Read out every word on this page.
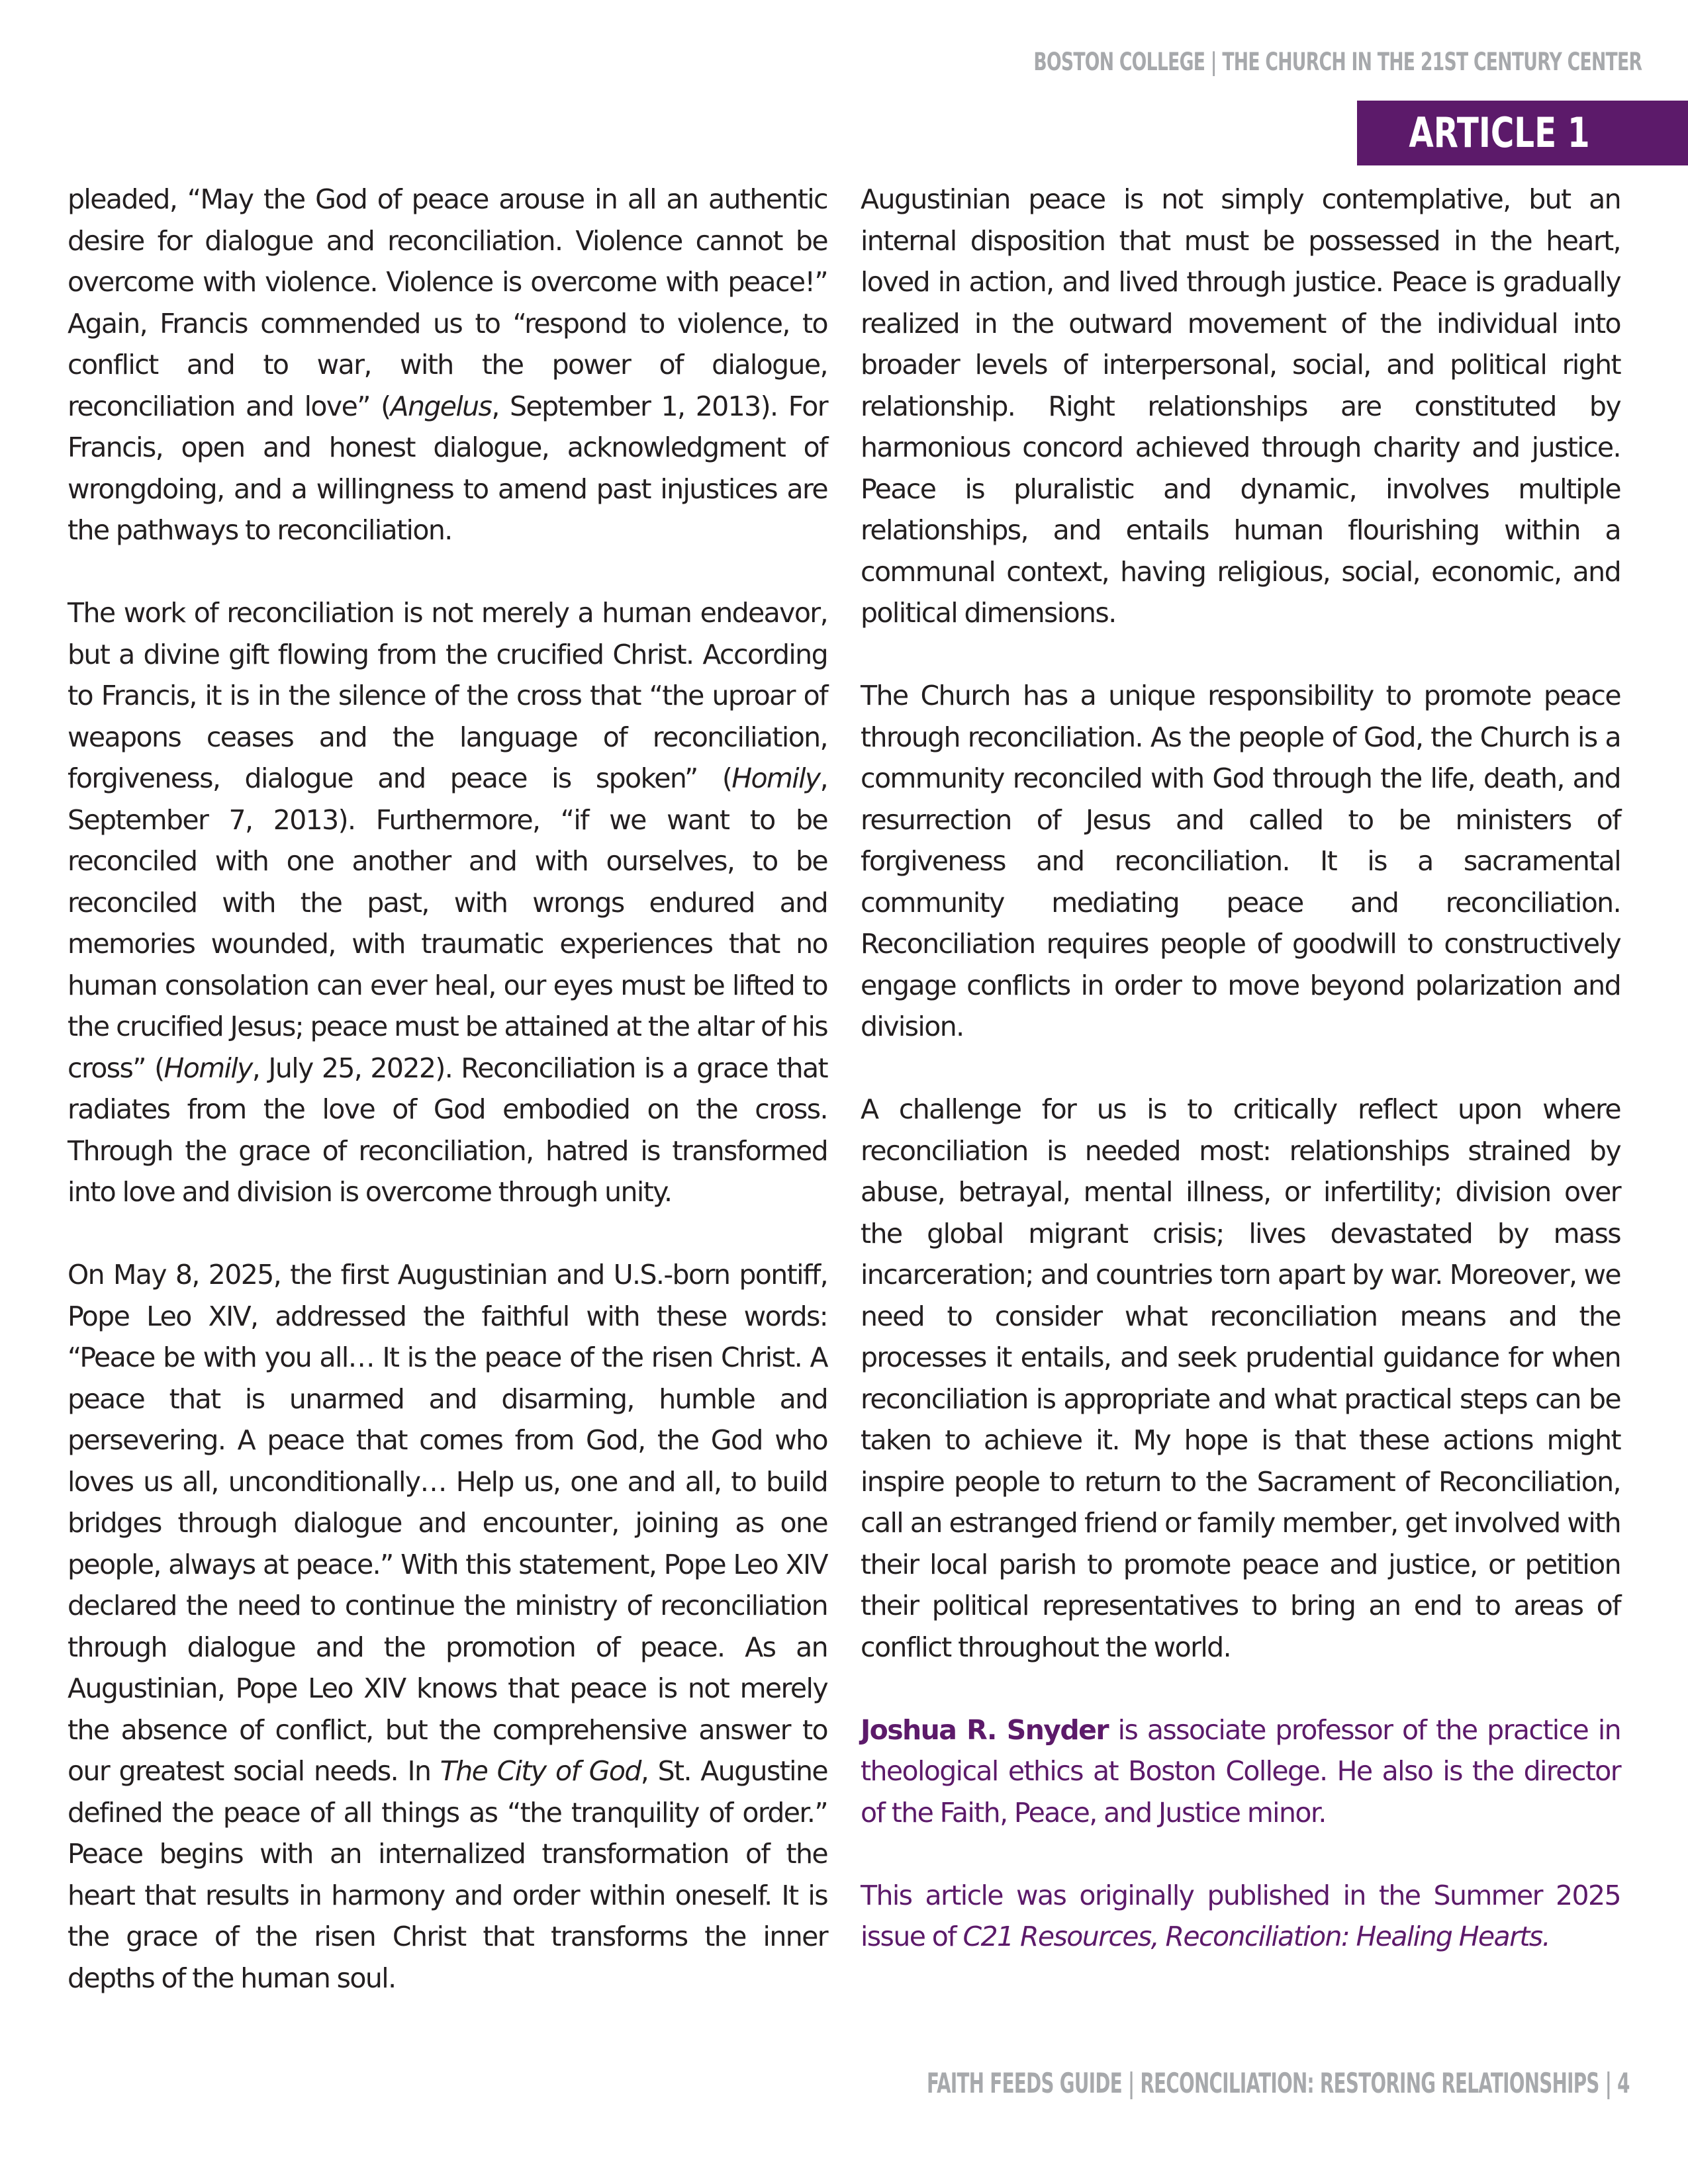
BOSTON COLLEGE | THE CHURCH IN THE 21ST CENTURY CENTER
ARTICLE 1

pleaded, “May the God of peace arouse in all an authentic desire for dialogue and reconciliation. Violence cannot be overcome with violence. Violence is overcome with peace!” Again, Francis commended us to “respond to violence, to conflict and to war, with the power of dialogue, reconciliation and love” (Angelus, September 1, 2013). For Francis, open and honest dialogue, acknowledgment of wrongdoing, and a willingness to amend past injustices are the pathways to reconciliation.

The work of reconciliation is not merely a human endeavor, but a divine gift flowing from the crucified Christ. According to Francis, it is in the silence of the cross that “the uproar of weapons ceases and the language of reconciliation, forgiveness, dialogue and peace is spoken” (Homily, September 7, 2013). Furthermore, “if we want to be reconciled with one another and with ourselves, to be reconciled with the past, with wrongs endured and memories wounded, with traumatic experiences that no human consolation can ever heal, our eyes must be lifted to the crucified Jesus; peace must be attained at the altar of his cross” (Homily, July 25, 2022). Reconciliation is a grace that radiates from the love of God embodied on the cross. Through the grace of reconciliation, hatred is transformed into love and division is overcome through unity.

On May 8, 2025, the first Augustinian and U.S.-born pontiff, Pope Leo XIV, addressed the faithful with these words: “Peace be with you all… It is the peace of the risen Christ. A peace that is unarmed and disarming, humble and persevering. A peace that comes from God, the God who loves us all, unconditionally… Help us, one and all, to build bridges through dialogue and encounter, joining as one people, always at peace.” With this statement, Pope Leo XIV declared the need to continue the ministry of reconciliation through dialogue and the promotion of peace. As an Augustinian, Pope Leo XIV knows that peace is not merely the absence of conflict, but the comprehensive answer to our greatest social needs. In The City of God, St. Augustine defined the peace of all things as “the tranquility of order.” Peace begins with an internalized transformation of the heart that results in harmony and order within oneself. It is the grace of the risen Christ that transforms the inner depths of the human soul.

Augustinian peace is not simply contemplative, but an internal disposition that must be possessed in the heart, loved in action, and lived through justice. Peace is gradually realized in the outward movement of the individual into broader levels of interpersonal, social, and political right relationship. Right relationships are constituted by harmonious concord achieved through charity and justice. Peace is pluralistic and dynamic, involves multiple relationships, and entails human flourishing within a communal context, having religious, social, economic, and political dimensions.

The Church has a unique responsibility to promote peace through reconciliation. As the people of God, the Church is a community reconciled with God through the life, death, and resurrection of Jesus and called to be ministers of forgiveness and reconciliation. It is a sacramental community mediating peace and reconciliation. Reconciliation requires people of goodwill to constructively engage conflicts in order to move beyond polarization and division.

A challenge for us is to critically reflect upon where reconciliation is needed most: relationships strained by abuse, betrayal, mental illness, or infertility; division over the global migrant crisis; lives devastated by mass incarceration; and countries torn apart by war. Moreover, we need to consider what reconciliation means and the processes it entails, and seek prudential guidance for when reconciliation is appropriate and what practical steps can be taken to achieve it. My hope is that these actions might inspire people to return to the Sacrament of Reconciliation, call an estranged friend or family member, get involved with their local parish to promote peace and justice, or petition their political representatives to bring an end to areas of conflict throughout the world.

Joshua R. Snyder is associate professor of the practice in theological ethics at Boston College. He also is the director of the Faith, Peace, and Justice minor.

This article was originally published in the Summer 2025 issue of C21 Resources, Reconciliation: Healing Hearts.

FAITH FEEDS GUIDE | RECONCILIATION: RESTORING RELATIONSHIPS | 4
